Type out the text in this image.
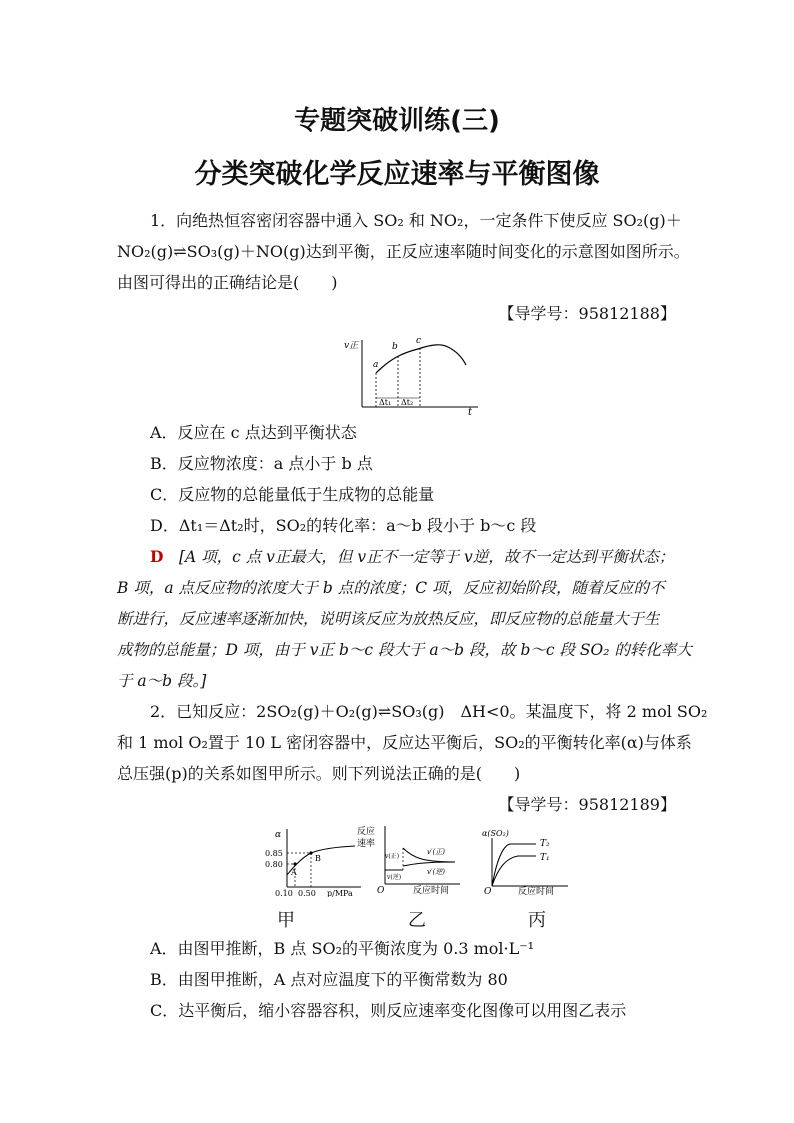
专题突破训练(三)
分类突破化学反应速率与平衡图像
1．向绝热恒容密闭容器中通入 SO₂ 和 NO₂，一定条件下使反应 SO₂(g)＋
NO₂(g)⇌SO₃(g)＋NO(g)达到平衡，正反应速率随时间变化的示意图如图所示。
由图可得出的正确结论是(　　)
【导学号：95812188】
v正
t
a
b
c
Δt₁ Δt₂
A．反应在 c 点达到平衡状态
B．反应物浓度：a 点小于 b 点
C．反应物的总能量低于生成物的总能量
D．Δt₁＝Δt₂时，SO₂的转化率：a～b 段小于 b～c 段
D　 [A 项，c 点 v正最大，但 v正不一定等于 v逆，故不一定达到平衡状态；
B 项，a 点反应物的浓度大于 b 点的浓度；C 项，反应初始阶段，随着反应的不
断进行，反应速率逐渐加快，说明该反应为放热反应，即反应物的总能量大于生
成物的总能量；D 项，由于 v正 b～c 段大于 a～b 段，故 b～c 段 SO₂ 的转化率大
于 a～b 段。]
2．已知反应：2SO₂(g)＋O₂(g)⇌SO₃(g)　ΔH<0。某温度下，将 2 mol SO₂
和 1 mol O₂置于 10 L 密闭容器中，反应达平衡后，SO₂的平衡转化率(α)与体系
总压强(p)的关系如图甲所示。则下列说法正确的是(　　)
【导学号：95812189】
α
p/MPa
0.85
0.80
0.10 0.50
A
B
甲
反应
速率
O	反应时间
v(正)
v(逆)
v′(正)
v′(逆)
乙
α(SO₂)
O	反应时间
T₂
T₁
丙
A．由图甲推断，B 点 SO₂的平衡浓度为 0.3 mol·L⁻¹
B．由图甲推断，A 点对应温度下的平衡常数为 80
C．达平衡后，缩小容器容积，则反应速率变化图像可以用图乙表示
